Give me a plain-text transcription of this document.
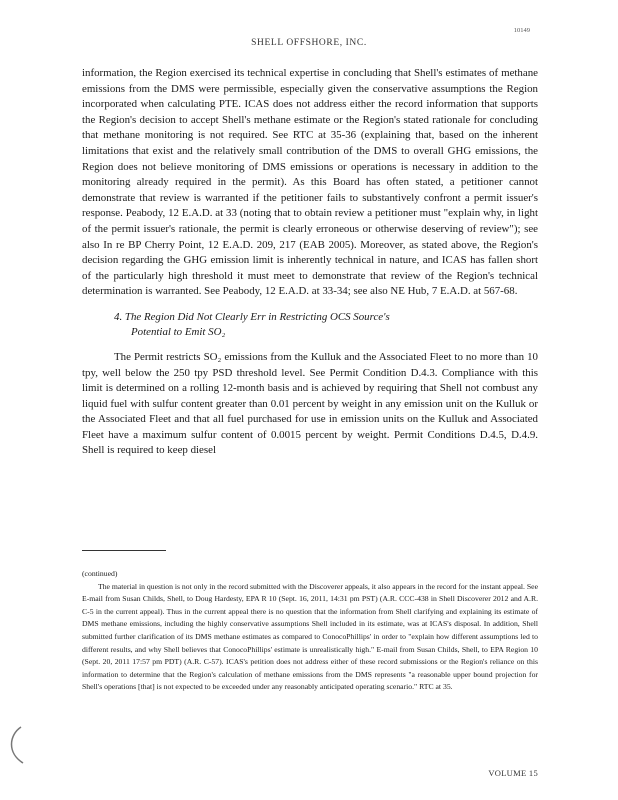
10149
SHELL OFFSHORE, INC.

information, the Region exercised its technical expertise in concluding that Shell's estimates of methane emissions from the DMS were permissible, especially given the conservative assumptions the Region incorporated when calculating PTE. ICAS does not address either the record information that supports the Region's decision to accept Shell's methane estimate or the Region's stated rationale for concluding that methane monitoring is not required. See RTC at 35-36 (explaining that, based on the inherent limitations that exist and the relatively small contribution of the DMS to overall GHG emissions, the Region does not believe monitoring of DMS emissions or operations is necessary in addition to the monitoring already required in the permit). As this Board has often stated, a petitioner cannot demonstrate that review is warranted if the petitioner fails to substantively confront a permit issuer's response. Peabody, 12 E.A.D. at 33 (noting that to obtain review a petitioner must "explain why, in light of the permit issuer's rationale, the permit is clearly erroneous or otherwise deserving of review"); see also In re BP Cherry Point, 12 E.A.D. 209, 217 (EAB 2005). Moreover, as stated above, the Region's decision regarding the GHG emission limit is inherently technical in nature, and ICAS has fallen short of the particularly high threshold it must meet to demonstrate that review of the Region's technical determination is warranted. See Peabody, 12 E.A.D. at 33-34; see also NE Hub, 7 E.A.D. at 567-68.

4. The Region Did Not Clearly Err in Restricting OCS Source's
Potential to Emit SO₂

The Permit restricts SO₂ emissions from the Kulluk and the Associated Fleet to no more than 10 tpy, well below the 250 tpy PSD threshold level. See Permit Condition D.4.3. Compliance with this limit is determined on a rolling 12-month basis and is achieved by requiring that Shell not combust any liquid fuel with sulfur content greater than 0.01 percent by weight in any emission unit on the Kulluk or the Associated Fleet and that all fuel purchased for use in emission units on the Kulluk and Associated Fleet have a maximum sulfur content of 0.0015 percent by weight. Permit Conditions D.4.5, D.4.9. Shell is required to keep diesel

(continued)

The material in question is not only in the record submitted with the Discoverer appeals, it also appears in the record for the instant appeal. See E-mail from Susan Childs, Shell, to Doug Hardesty, EPA R 10 (Sept. 16, 2011, 14:31 pm PST) (A.R. CCC-438 in Shell Discoverer 2012 and A.R. C-5 in the current appeal). Thus in the current appeal there is no question that the information from Shell clarifying and explaining its estimate of DMS methane emissions, including the highly conservative assumptions Shell included in its estimate, was at ICAS's disposal. In addition, Shell submitted further clarification of its DMS methane estimates as compared to ConocoPhillips' in order to "explain how different assumptions led to different results, and why Shell believes that ConocoPhillips' estimate is unrealistically high." E-mail from Susan Childs, Shell, to EPA Region 10 (Sept. 20, 2011 17:57 pm PDT) (A.R. C-57). ICAS's petition does not address either of these record submissions or the Region's reliance on this information to determine that the Region's calculation of methane emissions from the DMS represents "a reasonable upper bound projection for Shell's operations [that] is not expected to be exceeded under any reasonably anticipated operating scenario." RTC at 35.

VOLUME 15
